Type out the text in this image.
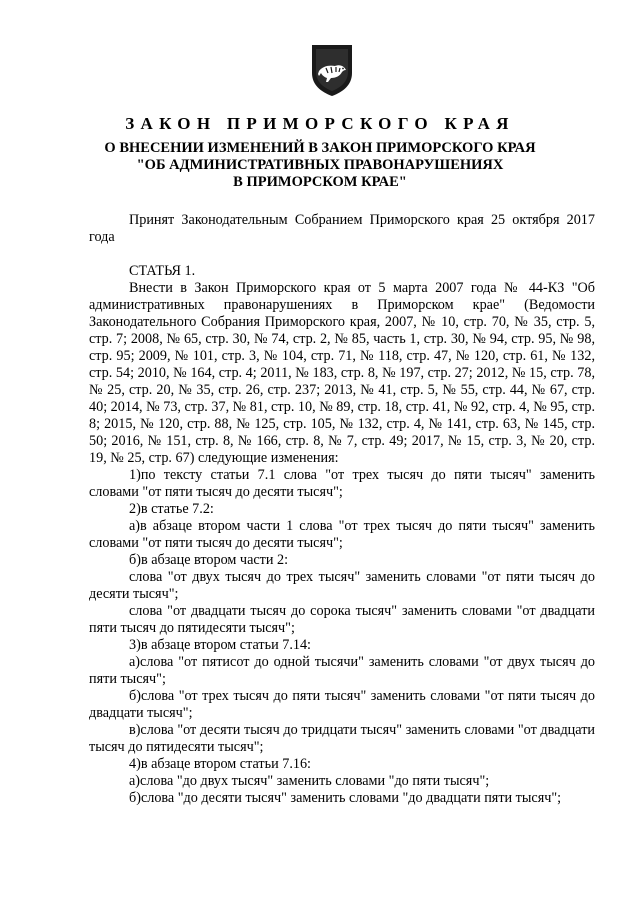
ЗАКОН ПРИМОРСКОГО КРАЯ
О ВНЕСЕНИИ ИЗМЕНЕНИЙ В ЗАКОН ПРИМОРСКОГО КРАЯ
"ОБ АДМИНИСТРАТИВНЫХ ПРАВОНАРУШЕНИЯХ
В ПРИМОРСКОМ КРАЕ"

Принят Законодательным Собранием Приморского края 25 октября 2017 года

СТАТЬЯ 1.

Внести в Закон Приморского края от 5 марта 2007 года № 44-КЗ "Об административных правонарушениях в Приморском крае" (Ведомости Законодательного Собрания Приморского края, 2007, № 10, стр. 70, № 35, стр. 5, стр. 7; 2008, № 65, стр. 30, № 74, стр. 2, № 85, часть 1, стр. 30, № 94, стр. 95, № 98, стр. 95; 2009, № 101, стр. 3, № 104, стр. 71, № 118, стр. 47, № 120, стр. 61, № 132, стр. 54; 2010, № 164, стр. 4; 2011, № 183, стр. 8, № 197, стр. 27; 2012, № 15, стр. 78, № 25, стр. 20, № 35, стр. 26, стр. 237; 2013, № 41, стр. 5, № 55, стр. 44, № 67, стр. 40; 2014, № 73, стр. 37, № 81, стр. 10, № 89, стр. 18, стр. 41, № 92, стр. 4, № 95, стр. 8; 2015, № 120, стр. 88, № 125, стр. 105, № 132, стр. 4, № 141, стр. 63, № 145, стр. 50; 2016, № 151, стр. 8, № 166, стр. 8, № 7, стр. 49; 2017, № 15, стр. 3, № 20, стр. 19, № 25, стр. 67) следующие изменения:

1)по тексту статьи 7.1 слова "от трех тысяч до пяти тысяч" заменить словами "от пяти тысяч до десяти тысяч";

2)в статье 7.2:

а)в абзаце втором части 1 слова "от трех тысяч до пяти тысяч" заменить словами "от пяти тысяч до десяти тысяч";

б)в абзаце втором части 2:

слова "от двух тысяч до трех тысяч" заменить словами "от пяти тысяч до десяти тысяч";

слова "от двадцати тысяч до сорока тысяч" заменить словами "от двадцати пяти тысяч до пятидесяти тысяч";

3)в абзаце втором статьи 7.14:

а)слова "от пятисот до одной тысячи" заменить словами "от двух тысяч до пяти тысяч";

б)слова "от трех тысяч до пяти тысяч" заменить словами "от пяти тысяч до двадцати тысяч";

в)слова "от десяти тысяч до тридцати тысяч" заменить словами "от двадцати тысяч до пятидесяти тысяч";

4)в абзаце втором статьи 7.16:

а)слова "до двух тысяч" заменить словами "до пяти тысяч";

б)слова "до десяти тысяч" заменить словами "до двадцати пяти тысяч";
